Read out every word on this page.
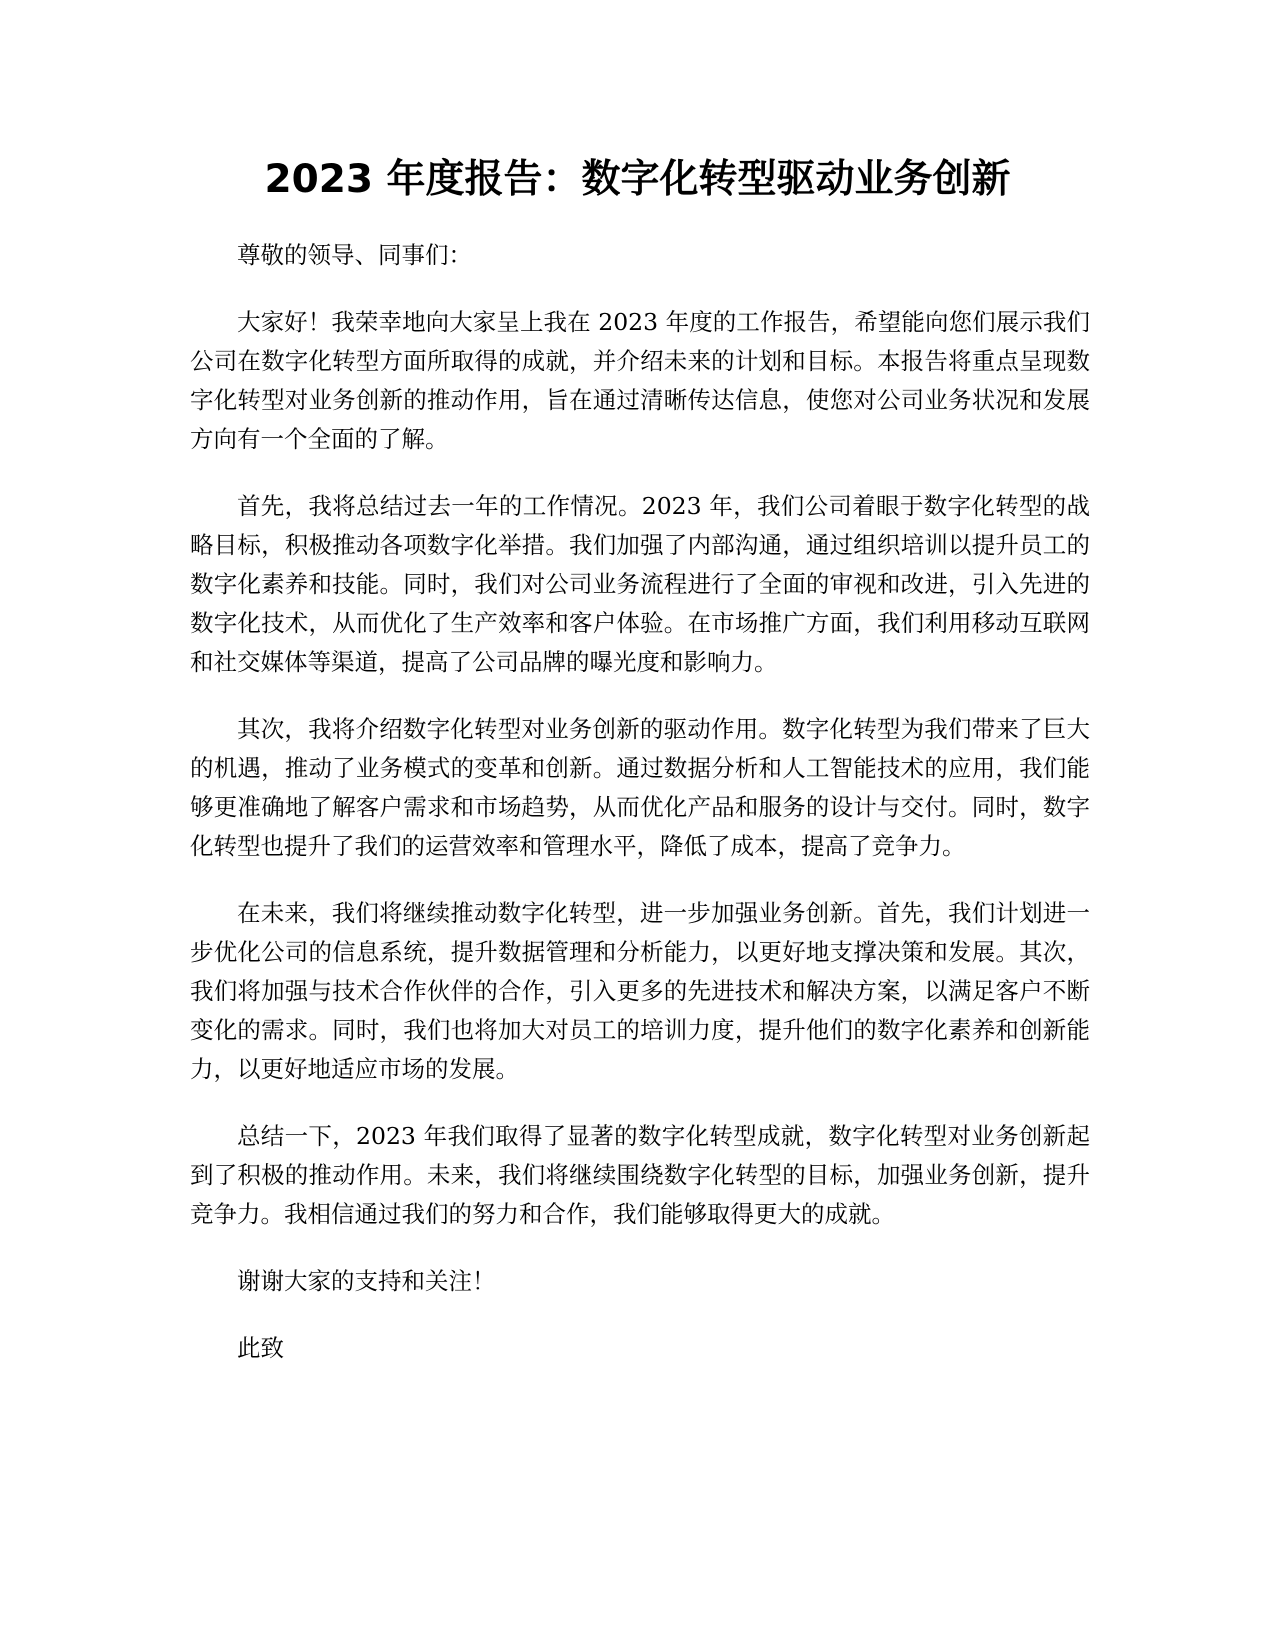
2023 年度报告：数字化转型驱动业务创新

尊敬的领导、同事们：

大家好！我荣幸地向大家呈上我在 2023 年度的工作报告，希望能向您们展示我们公司在数字化转型方面所取得的成就，并介绍未来的计划和目标。本报告将重点呈现数字化转型对业务创新的推动作用，旨在通过清晰传达信息，使您对公司业务状况和发展方向有一个全面的了解。

首先，我将总结过去一年的工作情况。2023 年，我们公司着眼于数字化转型的战略目标，积极推动各项数字化举措。我们加强了内部沟通，通过组织培训以提升员工的数字化素养和技能。同时，我们对公司业务流程进行了全面的审视和改进，引入先进的数字化技术，从而优化了生产效率和客户体验。在市场推广方面，我们利用移动互联网和社交媒体等渠道，提高了公司品牌的曝光度和影响力。

其次，我将介绍数字化转型对业务创新的驱动作用。数字化转型为我们带来了巨大的机遇，推动了业务模式的变革和创新。通过数据分析和人工智能技术的应用，我们能够更准确地了解客户需求和市场趋势，从而优化产品和服务的设计与交付。同时，数字化转型也提升了我们的运营效率和管理水平，降低了成本，提高了竞争力。

在未来，我们将继续推动数字化转型，进一步加强业务创新。首先，我们计划进一步优化公司的信息系统，提升数据管理和分析能力，以更好地支撑决策和发展。其次，我们将加强与技术合作伙伴的合作，引入更多的先进技术和解决方案，以满足客户不断变化的需求。同时，我们也将加大对员工的培训力度，提升他们的数字化素养和创新能力，以更好地适应市场的发展。

总结一下，2023 年我们取得了显著的数字化转型成就，数字化转型对业务创新起到了积极的推动作用。未来，我们将继续围绕数字化转型的目标，加强业务创新，提升竞争力。我相信通过我们的努力和合作，我们能够取得更大的成就。

谢谢大家的支持和关注！

此致
